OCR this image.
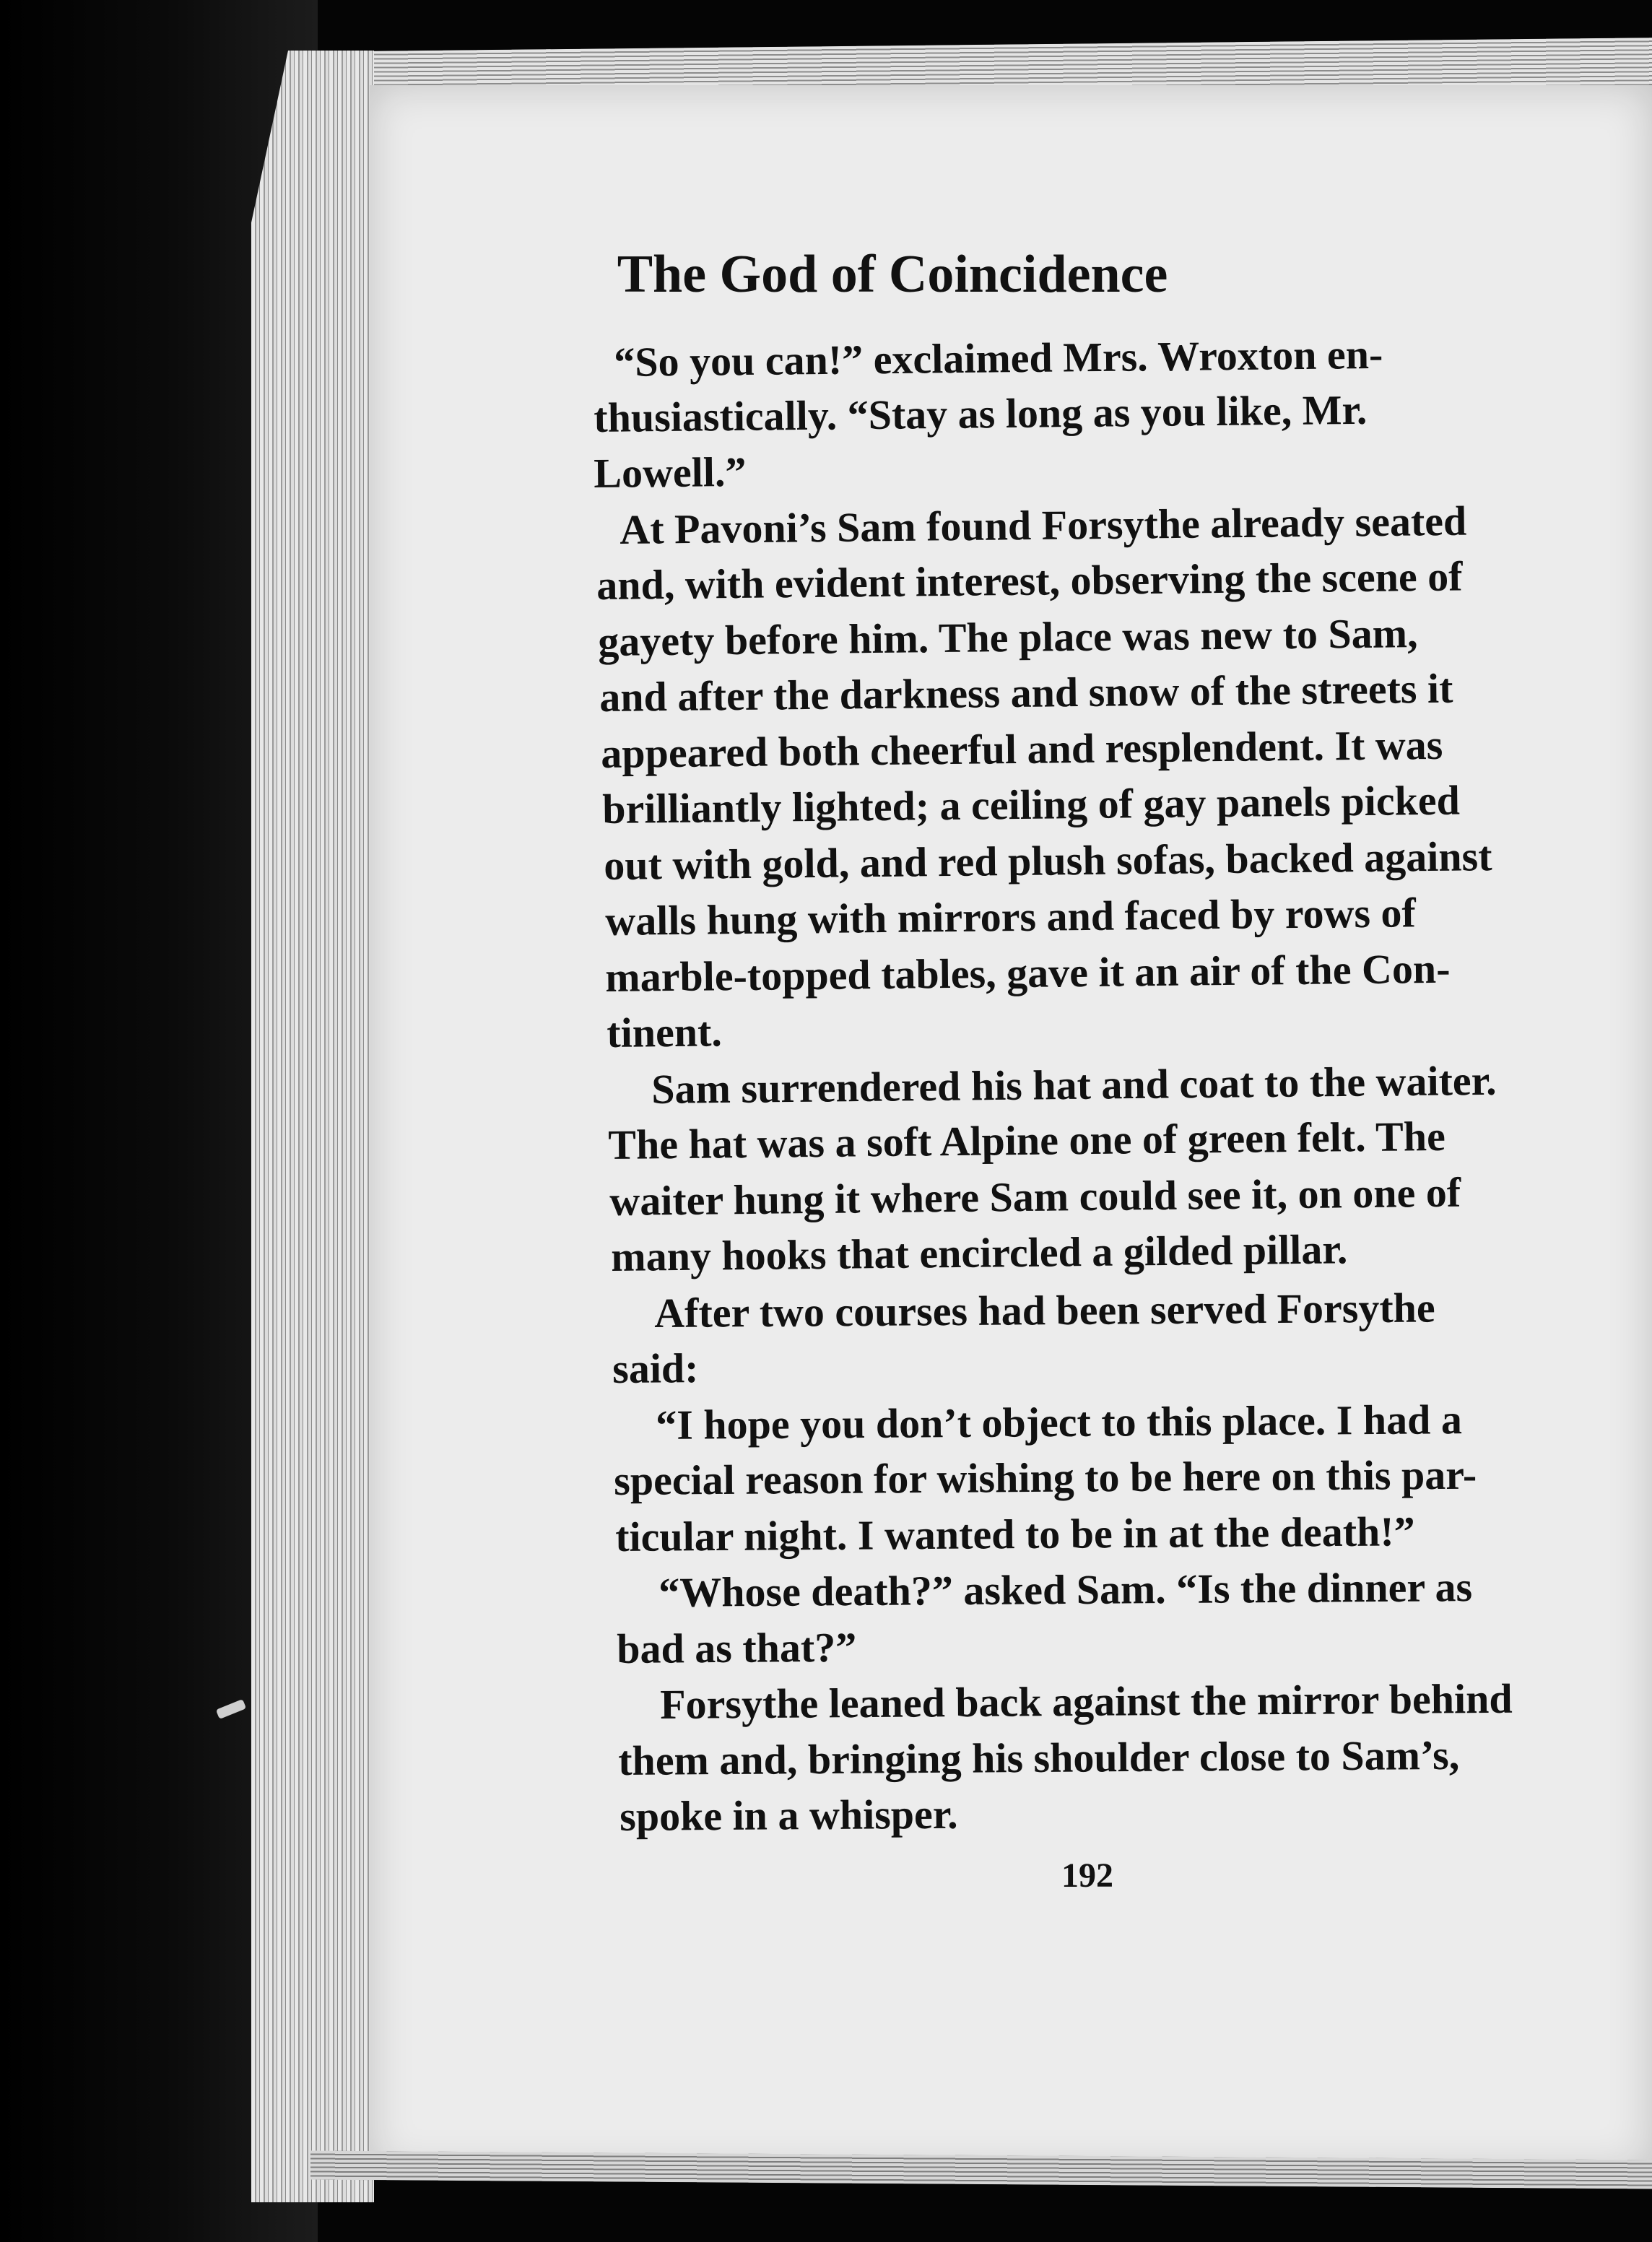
The God of Coincidence
“So you can!” exclaimed Mrs. Wroxton en-
thusiastically. “Stay as long as you like, Mr.
Lowell.”
At Pavoni’s Sam found Forsythe already seated
and, with evident interest, observing the scene of
gayety before him. The place was new to Sam,
and after the darkness and snow of the streets it
appeared both cheerful and resplendent. It was
brilliantly lighted; a ceiling of gay panels picked
out with gold, and red plush sofas, backed against
walls hung with mirrors and faced by rows of
marble-topped tables, gave it an air of the Con-
tinent.
Sam surrendered his hat and coat to the waiter.
The hat was a soft Alpine one of green felt. The
waiter hung it where Sam could see it, on one of
many hooks that encircled a gilded pillar.
After two courses had been served Forsythe
said:
“I hope you don’t object to this place. I had a
special reason for wishing to be here on this par-
ticular night. I wanted to be in at the death!”
“Whose death?” asked Sam. “Is the dinner as
bad as that?”
Forsythe leaned back against the mirror behind
them and, bringing his shoulder close to Sam’s,
spoke in a whisper.
192
